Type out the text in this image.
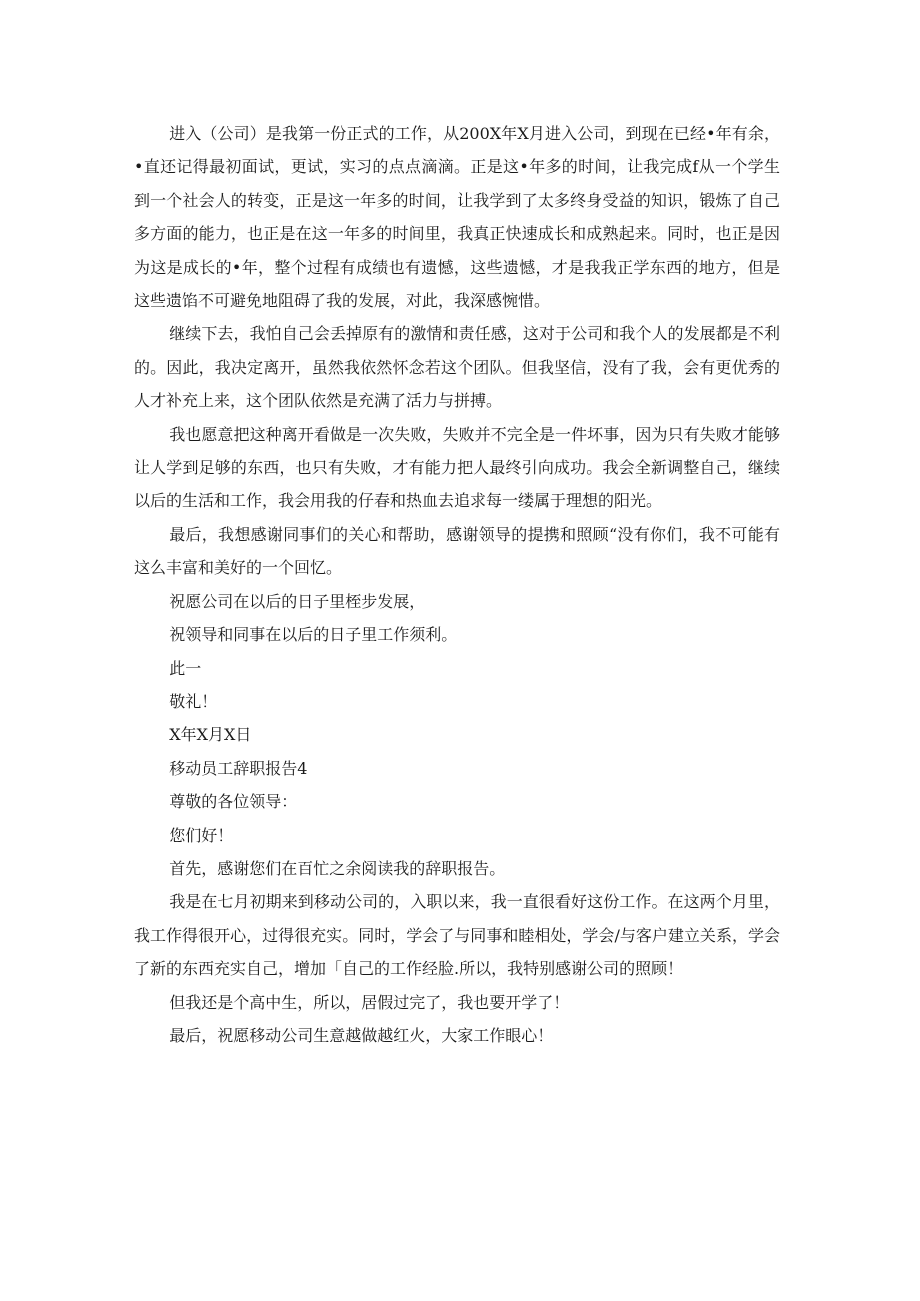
进入（公司）是我第一份正式的工作，从200X年X月进入公司，到现在已经•年有余，•直还记得最初面试，更试，实习的点点滴滴。正是这•年多的时间，让我完成f从一个学生到一个社会人的转变，正是这一年多的时间，让我学到了太多终身受益的知识，锻炼了自己多方面的能力，也正是在这一年多的时间里，我真正快速成长和成熟起来。同时，也正是因为这是成长的•年，整个过程有成绩也有遗憾，这些遗憾，才是我我正学东西的地方，但是这些遗馅不可避免地阻碍了我的发展，对此，我深感惋惜。

继续下去，我怕自己会丢掉原有的激情和责任感，这对于公司和我个人的发展都是不利的。因此，我决定离开，虽然我依然怀念若这个团队。但我坚信，没有了我，会有更优秀的人才补充上来，这个团队依然是充满了活力与拼搏。

我也愿意把这种离开看做是一次失败，失败并不完全是一件坏事，因为只有失败才能够让人学到足够的东西，也只有失败，才有能力把人最终引向成功。我会全新调整自己，继续以后的生活和工作，我会用我的仔春和热血去追求每一缕属于理想的阳光。

最后，我想感谢同事们的关心和帮助，感谢领导的提携和照顾“没有你们，我不可能有这么丰富和美好的一个回忆。

祝愿公司在以后的日子里桎步发展，

祝领导和同事在以后的日子里工作须利。

此一

敬礼！

X年X月X日

移动员工辞职报告4

尊敬的各位领导：

您们好！

首先，感谢您们在百忙之余阅读我的辞职报告。

我是在七月初期来到移动公司的，入职以来，我一直很看好这份工作。在这两个月里，我工作得很开心，过得很充实。同时，学会了与同事和睦相处，学会/与客户建立关系，学会了新的东西充实自己，增加「自己的工作经脸.所以，我特别感谢公司的照顾！

但我还是个高中生，所以，居假过完了，我也要开学了！

最后，祝愿移动公司生意越做越红火，大家工作眼心！
